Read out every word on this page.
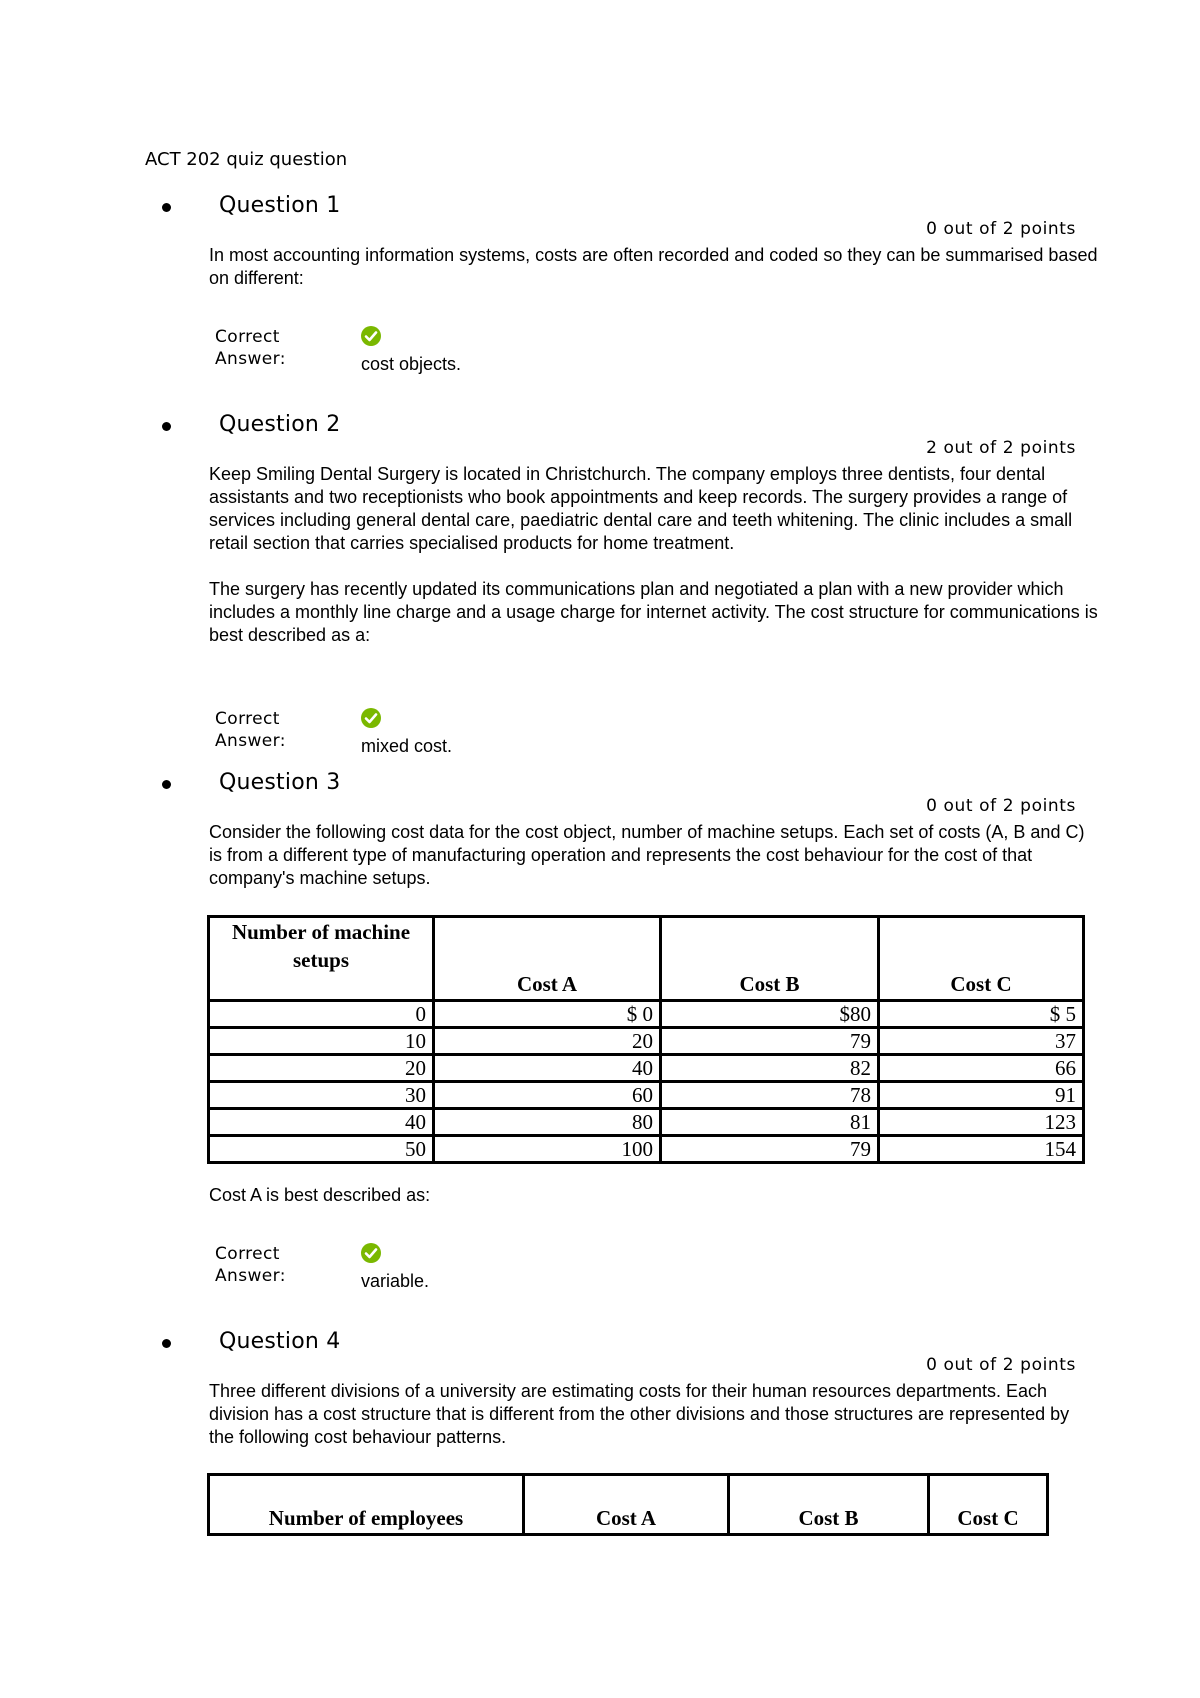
ACT 202 quiz question
Question 1
0 out of 2 points

In most accounting information systems, costs are often recorded and coded so they can be summarised based on different:

Correct Answer:	cost objects.
Question 2
2 out of 2 points

Keep Smiling Dental Surgery is located in Christchurch. The company employs three dentists, four dental assistants and two receptionists who book appointments and keep records. The surgery provides a range of services including general dental care, paediatric dental care and teeth whitening. The clinic includes a small retail section that carries specialised products for home treatment.

The surgery has recently updated its communications plan and negotiated a plan with a new provider which includes a monthly line charge and a usage charge for internet activity. The cost structure for communications is best described as a:

Correct Answer:	mixed cost.
Question 3
0 out of 2 points

Consider the following cost data for the cost object, number of machine setups. Each set of costs (A, B and C) is from a different type of manufacturing operation and represents the cost behaviour for the cost of that company's machine setups.

Number of machine setups	Cost A	Cost B	Cost C
0	$ 0	$80	$ 5
10	20	79	37
20	40	82	66
30	60	78	91
40	80	81	123
50	100	79	154

Cost A is best described as:

Correct Answer:	variable.
Question 4
0 out of 2 points

Three different divisions of a university are estimating costs for their human resources departments. Each division has a cost structure that is different from the other divisions and those structures are represented by the following cost behaviour patterns.

Number of employees	Cost A	Cost B	Cost C
